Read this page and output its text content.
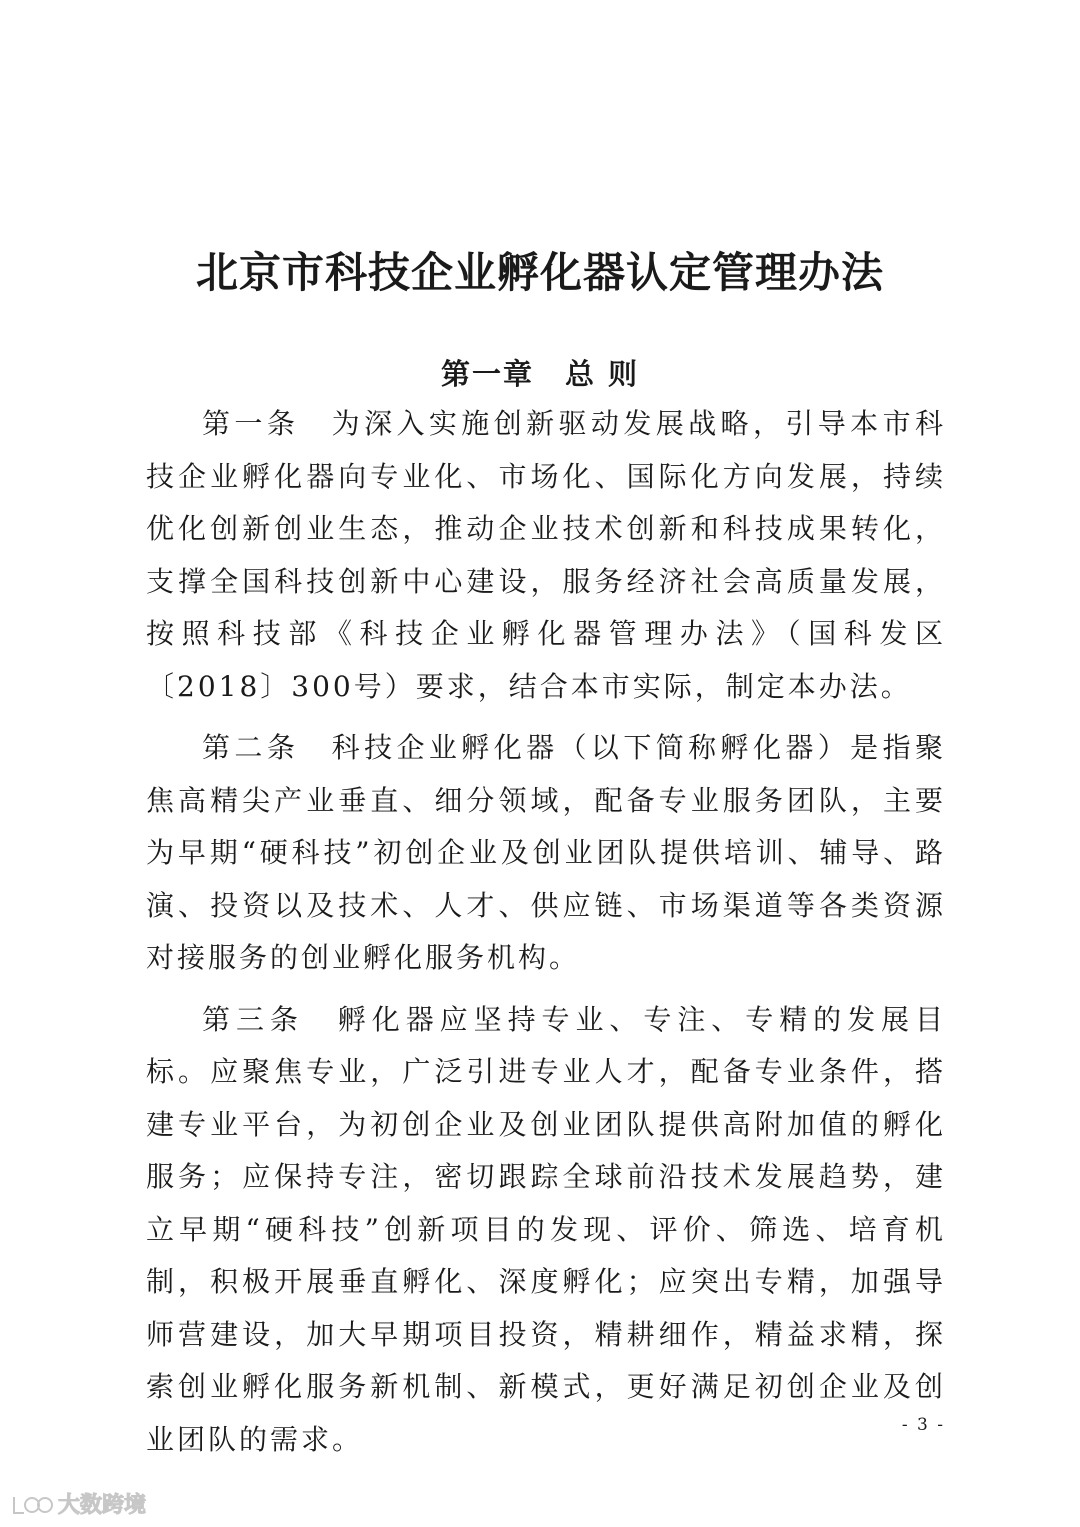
北京市科技企业孵化器认定管理办法
第一章　总 则

第一条　 为深入实施创新驱动发展战略，引导本市科技企业孵化器向专业化、市场化、国际化方向发展，持续优化创新创业生态，推动企业技术创新和科技成果转化，支撑全国科技创新中心建设，服务经济社会高质量发展，按照科技部《科技企业孵化器管理办法》（国科发区〔2018〕300号）要求，结合本市实际，制定本办法。

第二条　 科技企业孵化器（以下简称孵化器）是指聚焦高精尖产业垂直、细分领域，配备专业服务团队，主要为早期“硬科技”初创企业及创业团队提供培训、辅导、路演、投资以及技术、人才、供应链、市场渠道等各类资源对接服务的创业孵化服务机构。

第三条　 孵化器应坚持专业、专注、专精的发展目标。应聚焦专业，广泛引进专业人才，配备专业条件，搭建专业平台，为初创企业及创业团队提供高附加值的孵化服务；应保持专注，密切跟踪全球前沿技术发展趋势，建立早期“硬科技”创新项目的发现、评价、筛选、培育机制，积极开展垂直孵化、深度孵化；应突出专精，加强导师营建设，加大早期项目投资，精耕细作，精益求精，探索创业孵化服务新机制、新模式，更好满足初创企业及创业团队的需求。	- 3 -
大数跨境
